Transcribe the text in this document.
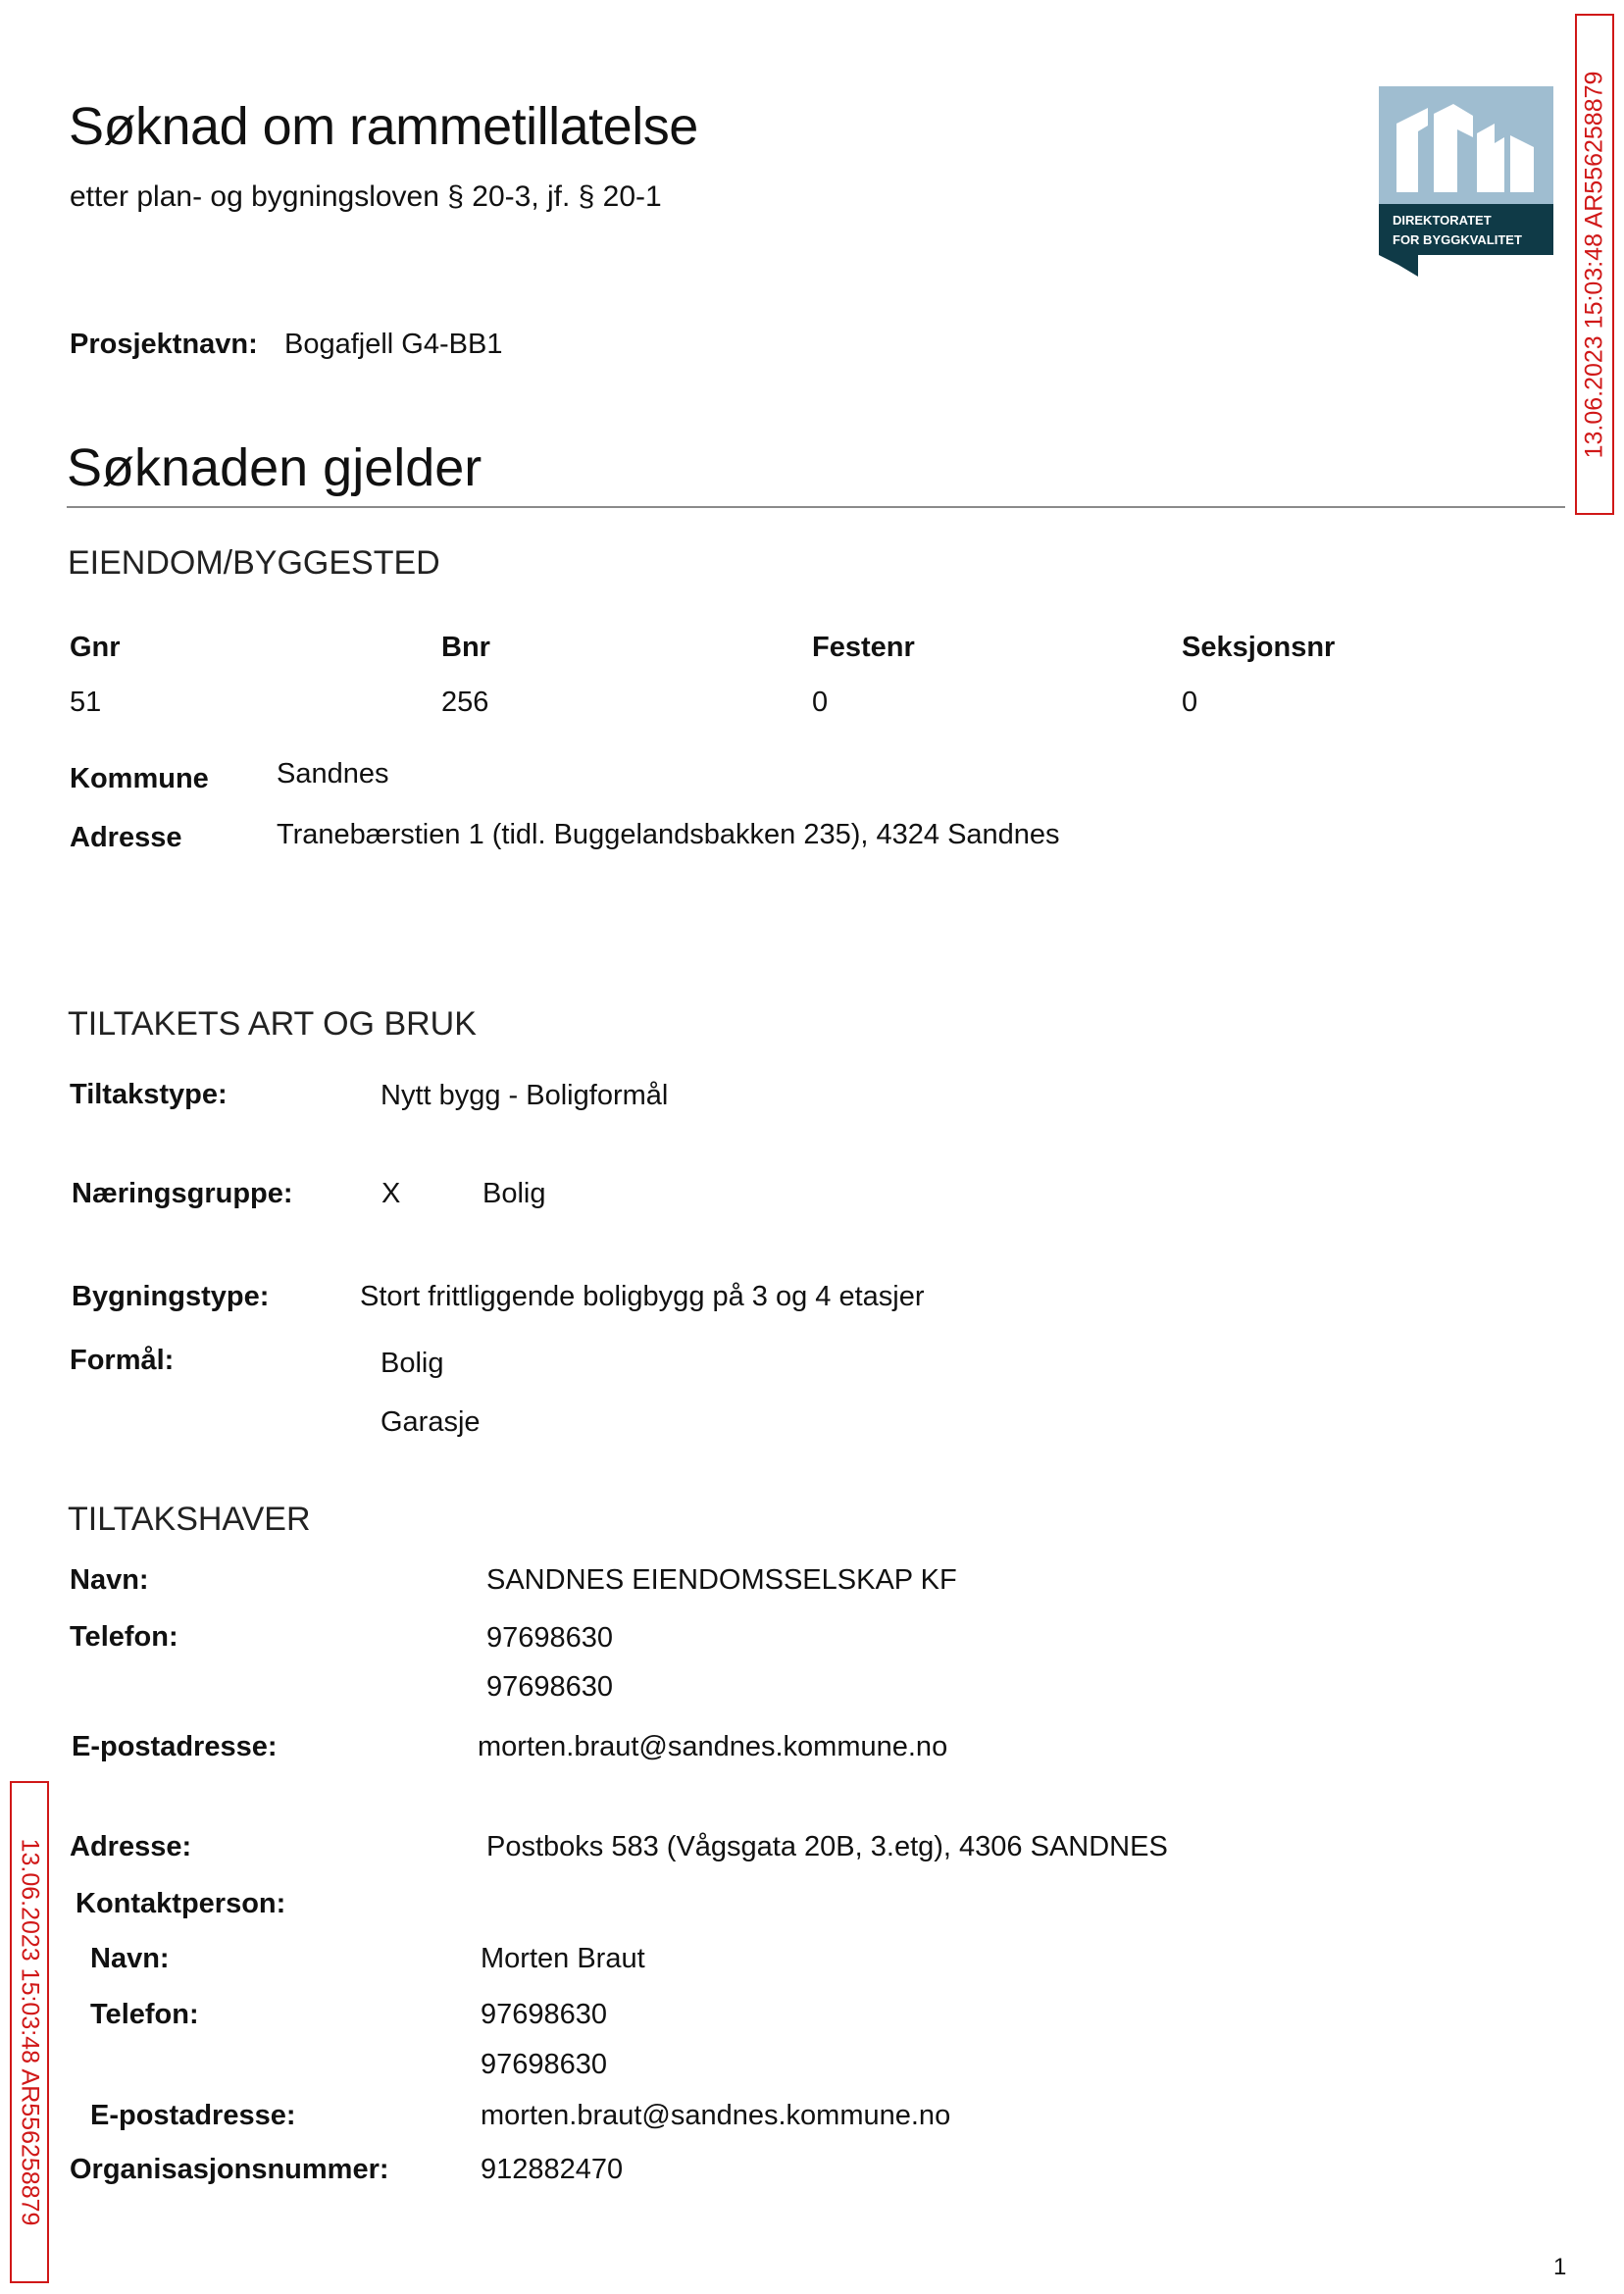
Søknad om rammetillatelse
etter plan- og bygningsloven § 20-3, jf. § 20-1
DIREKTORATET
FOR BYGGKVALITET 13.06.2023 15:03:48 AR556258879
Prosjektnavn: Bogafjell G4-BB1
Søknaden gjelder
EIENDOM/BYGGESTED
Gnr	Bnr	Festenr	Seksjonsnr
51	256	0	0
Kommune Sandnes
Adresse	Tranebærstien 1 (tidl. Buggelandsbakken 235), 4324 Sandnes
TILTAKETS ART OG BRUK
Tiltakstype:	Nytt bygg - Boligformål
Næringsgruppe:	X	Bolig
Bygningstype:	Stort frittliggende boligbygg på 3 og 4 etasjer
Formål:	Bolig
Garasje
TILTAKSHAVER
Navn:	SANDNES EIENDOMSSELSKAP KF
Telefon:	97698630
97698630
E-postadresse:	morten.braut@sandnes.kommune.no
13.06.2023 15:03:48 AR556258879 Adresse:	Postboks 583 (Vågsgata 20B, 3.etg), 4306 SANDNES
Kontaktperson:
Navn:	Morten Braut
Telefon:	97698630
97698630
E-postadresse:	morten.braut@sandnes.kommune.no
Organisasjonsnummer:	912882470
1
